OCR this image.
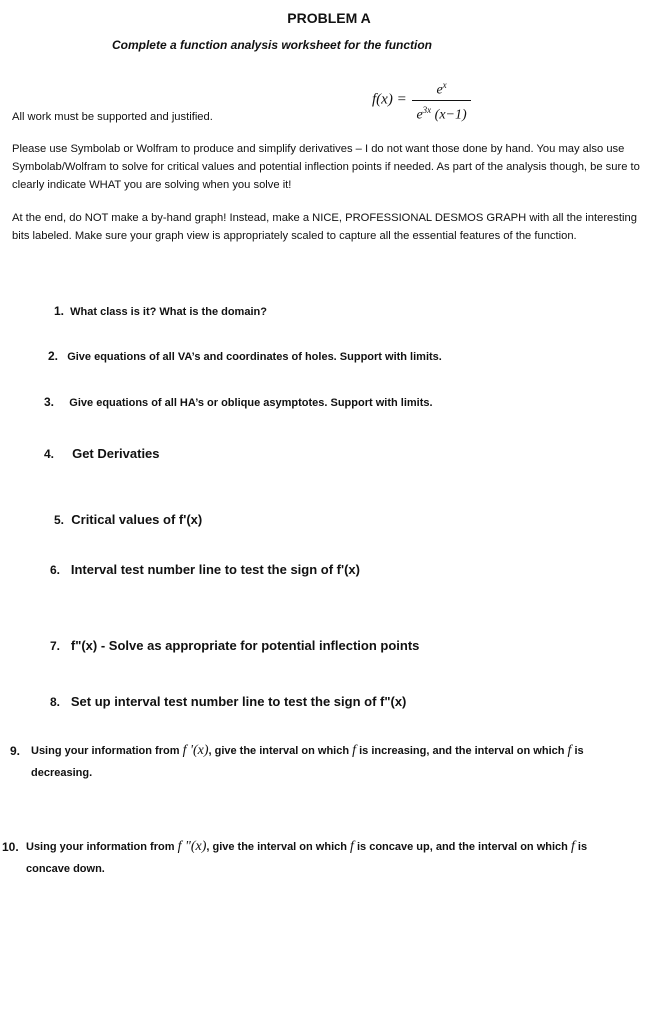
PROBLEM A
Complete a function analysis worksheet for the function
$f(x) = \frac{e^x}{e^{3x} (x-1)}$
All work must be supported and justified.
Please use Symbolab or Wolfram to produce and simplify derivatives – I do not want those done by hand. You may also use Symbolab/Wolfram to solve for critical values and potential inflection points if needed. As part of the analysis though, be sure to clearly indicate WHAT you are solving when you solve it!
At the end, do NOT make a by-hand graph! Instead, make a NICE, PROFESSIONAL DESMOS GRAPH with all the interesting bits labeled. Make sure your graph view is appropriately scaled to capture all the essential features of the function.
1. What class is it? What is the domain?
2. Give equations of all VA’s and coordinates of holes. Support with limits.
3. Give equations of all HA’s or oblique asymptotes. Support with limits.
4. Get Derivaties
5. Critical values of f'(x)
6. Interval test number line to test the sign of f'(x)
7. f"(x) - Solve as appropriate for potential inflection points
8. Set up interval test number line to test the sign of f"(x)
9. Using your information from f '(x), give the interval on which f is increasing, and the interval on which f is
decreasing.
10. Using your information from f "(x), give the interval on which f is concave up, and the interval on which f is
concave down.
